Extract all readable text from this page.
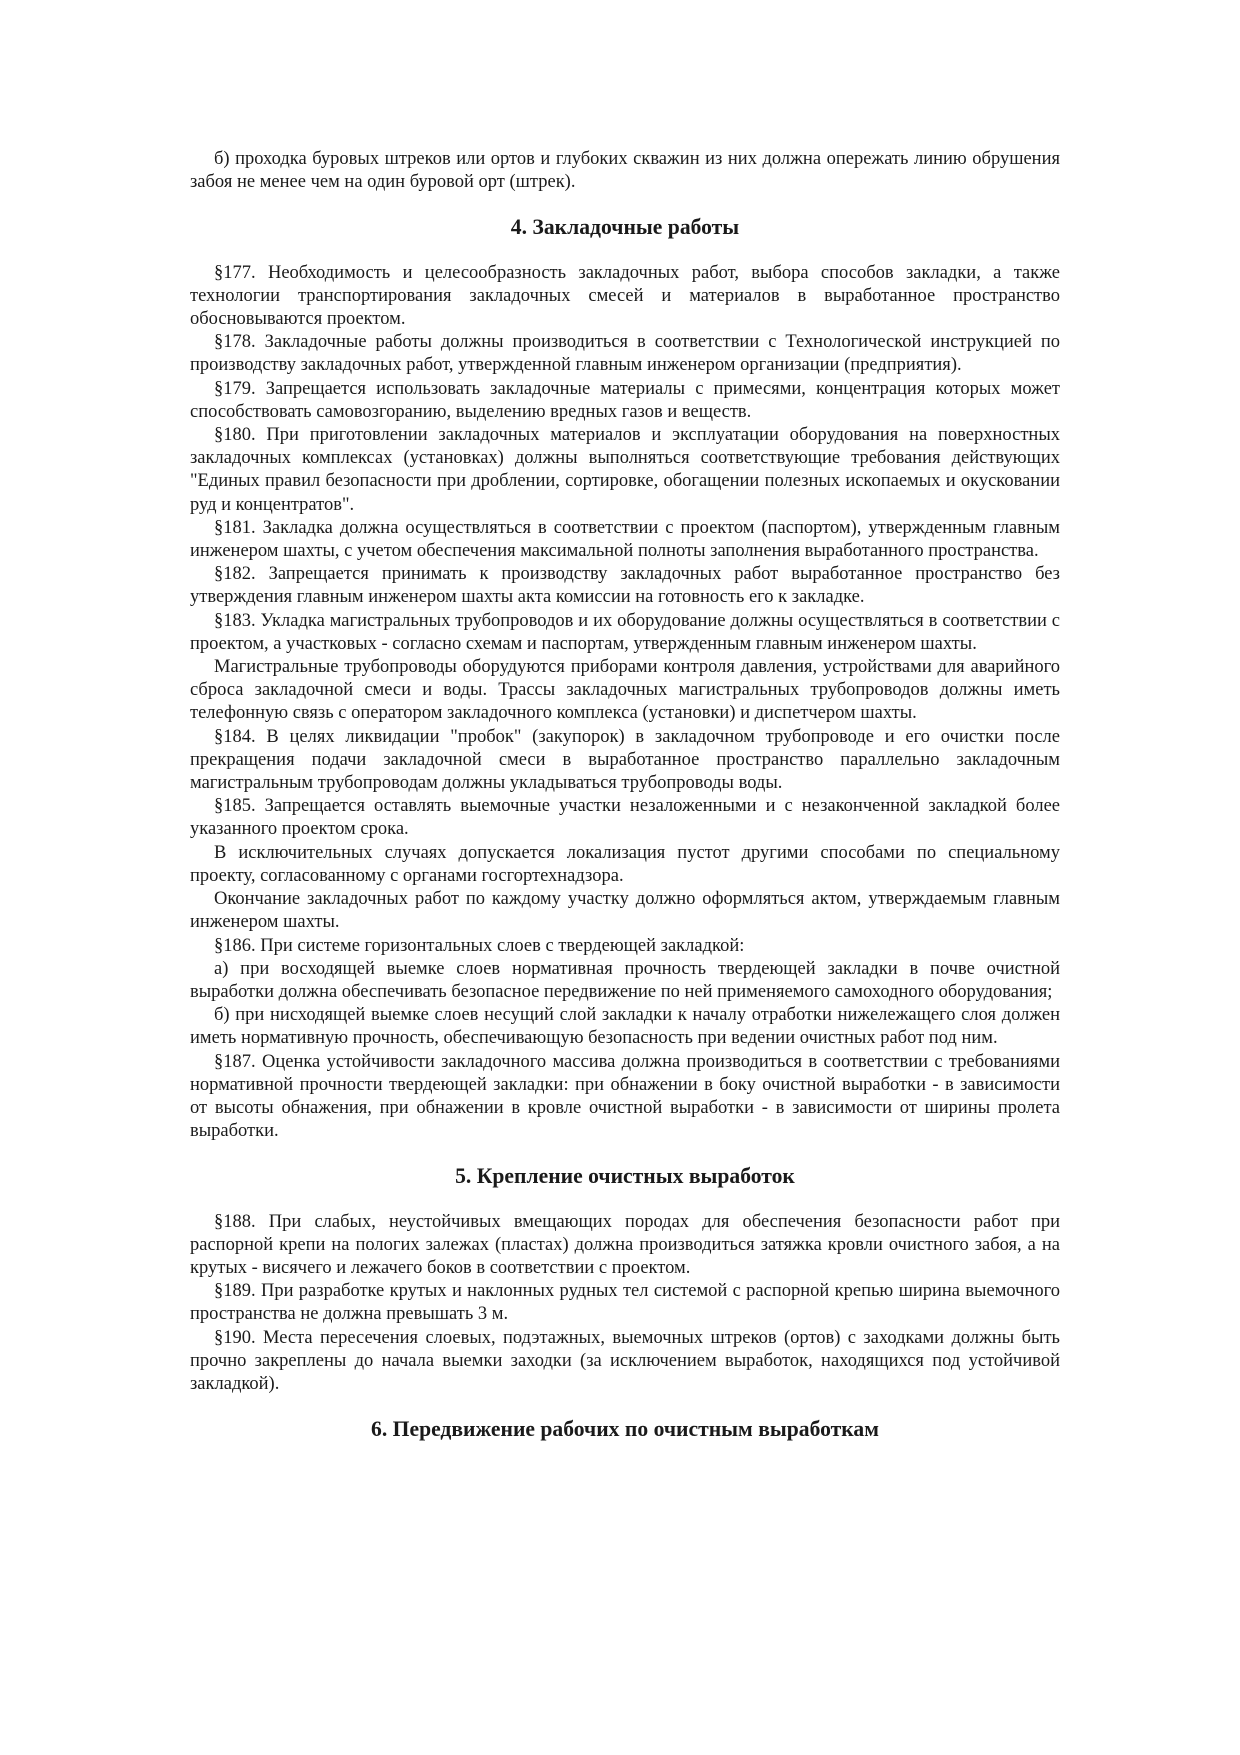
б) проходка буровых штреков или ортов и глубоких скважин из них должна опережать линию обрушения забоя не менее чем на один буровой орт (штрек).

4. Закладочные работы

§177. Необходимость и целесообразность закладочных работ, выбора способов закладки, а также технологии транспортирования закладочных смесей и материалов в выработанное пространство обосновываются проектом.

§178. Закладочные работы должны производиться в соответствии с Технологической инструкцией по производству закладочных работ, утвержденной главным инженером организации (предприятия).

§179. Запрещается использовать закладочные материалы с примесями, концентрация которых может способствовать самовозгоранию, выделению вредных газов и веществ.

§180. При приготовлении закладочных материалов и эксплуатации оборудования на поверхностных закладочных комплексах (установках) должны выполняться соответствующие требования действующих "Единых правил безопасности при дроблении, сортировке, обогащении полезных ископаемых и окусковании руд и концентратов".

§181. Закладка должна осуществляться в соответствии с проектом (паспортом), утвержденным главным инженером шахты, с учетом обеспечения максимальной полноты заполнения выработанного пространства.

§182. Запрещается принимать к производству закладочных работ выработанное пространство без утверждения главным инженером шахты акта комиссии на готовность его к закладке.

§183. Укладка магистральных трубопроводов и их оборудование должны осуществляться в соответствии с проектом, а участковых - согласно схемам и паспортам, утвержденным главным инженером шахты.

Магистральные трубопроводы оборудуются приборами контроля давления, устройствами для аварийного сброса закладочной смеси и воды. Трассы закладочных магистральных трубопроводов должны иметь телефонную связь с оператором закладочного комплекса (установки) и диспетчером шахты.

§184. В целях ликвидации "пробок" (закупорок) в закладочном трубопроводе и его очистки после прекращения подачи закладочной смеси в выработанное пространство параллельно закладочным магистральным трубопроводам должны укладываться трубопроводы воды.

§185. Запрещается оставлять выемочные участки незаложенными и с незаконченной закладкой более указанного проектом срока.

В исключительных случаях допускается локализация пустот другими способами по специальному проекту, согласованному с органами госгортехнадзора.

Окончание закладочных работ по каждому участку должно оформляться актом, утверждаемым главным инженером шахты.

§186. При системе горизонтальных слоев с твердеющей закладкой:

а) при восходящей выемке слоев нормативная прочность твердеющей закладки в почве очистной выработки должна обеспечивать безопасное передвижение по ней применяемого самоходного оборудования;

б) при нисходящей выемке слоев несущий слой закладки к началу отработки нижележащего слоя должен иметь нормативную прочность, обеспечивающую безопасность при ведении очистных работ под ним.

§187. Оценка устойчивости закладочного массива должна производиться в соответствии с требованиями нормативной прочности твердеющей закладки: при обнажении в боку очистной выработки - в зависимости от высоты обнажения, при обнажении в кровле очистной выработки - в зависимости от ширины пролета выработки.

5. Крепление очистных выработок

§188. При слабых, неустойчивых вмещающих породах для обеспечения безопасности работ при распорной крепи на пологих залежах (пластах) должна производиться затяжка кровли очистного забоя, а на крутых - висячего и лежачего боков в соответствии с проектом.

§189. При разработке крутых и наклонных рудных тел системой с распорной крепью ширина выемочного пространства не должна превышать 3 м.

§190. Места пересечения слоевых, подэтажных, выемочных штреков (ортов) с заходками должны быть прочно закреплены до начала выемки заходки (за исключением выработок, находящихся под устойчивой закладкой).

6. Передвижение рабочих по очистным выработкам
